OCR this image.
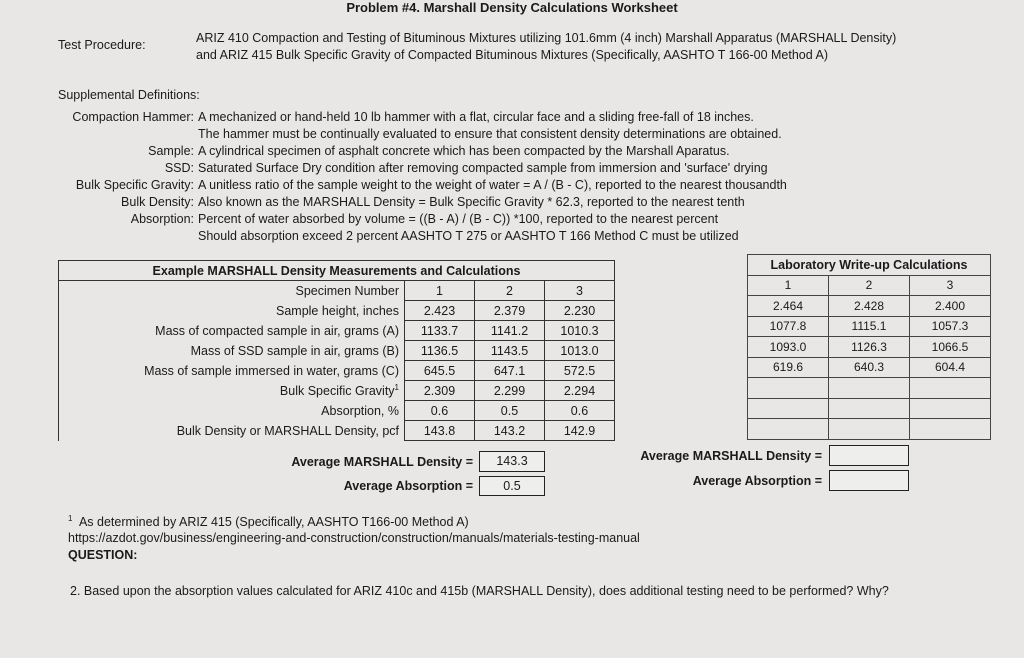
Problem #4. Marshall Density Calculations Worksheet
Test Procedure:	ARIZ 410 Compaction and Testing of Bituminous Mixtures utilizing 101.6mm (4 inch) Marshall Apparatus (MARSHALL Density)
and ARIZ 415 Bulk Specific Gravity of Compacted Bituminous Mixtures (Specifically, AASHTO T 166-00 Method A)
Supplemental Definitions:
Compaction Hammer: A mechanized or hand-held 10 lb hammer with a flat, circular face and a sliding free-fall of 18 inches.
The hammer must be continually evaluated to ensure that consistent density determinations are obtained.
Sample: A cylindrical specimen of asphalt concrete which has been compacted by the Marshall Aparatus.
SSD: Saturated Surface Dry condition after removing compacted sample from immersion and 'surface' drying
Bulk Specific Gravity: A unitless ratio of the sample weight to the weight of water = A / (B - C), reported to the nearest thousandth
Bulk Density: Also known as the MARSHALL Density = Bulk Specific Gravity * 62.3, reported to the nearest tenth
Absorption: Percent of water absorbed by volume = ((B - A) / (B - C)) *100, reported to the nearest percent
Should absorption exceed 2 percent AASHTO T 275 or AASHTO T 166 Method C must be utilized
Example MARSHALL Density Measurements and Calculations			
Specimen Number	1	2	3
Sample height, inches	2.423	2.379	2.230
Mass of compacted sample in air, grams (A)	1133.7	1141.2	1010.3
Mass of SSD sample in air, grams (B)	1136.5	1143.5	1013.0
Mass of sample immersed in water, grams (C)	645.5	647.1	572.5
Bulk Specific Gravity$^1$	2.309	2.299	2.294
Absorption, %	0.6	0.5	0.6
Bulk Density or MARSHALL Density, pcf	143.8	143.2	142.9
Average MARSHALL Density =	143.3
Average Absorption =	0.5
Laboratory Write-up Calculations		
1	2	3
2.464	2.428	2.400
1077.8	1115.1	1057.3
1093.0	1126.3	1066.5
619.6	640.3	604.4

Average MARSHALL Density =
Average Absorption =
$^1$ As determined by ARIZ 415 (Specifically, AASHTO T166-00 Method A)
https://azdot.gov/business/engineering-and-construction/construction/manuals/materials-testing-manual
QUESTION:
2. Based upon the absorption values calculated for ARIZ 410c and 415b (MARSHALL Density), does additional testing need to be performed? Why?
